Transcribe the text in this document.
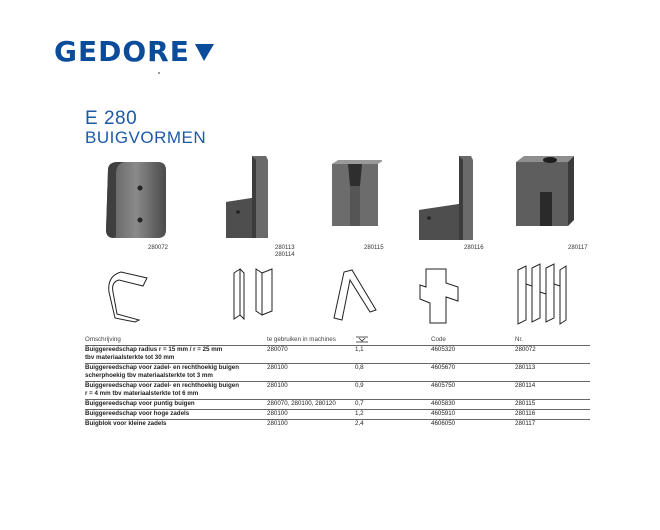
GEDORE
E 280
BUIGVORMEN
280072	280113
280114
280115	280116	280117
Omschrijving	te gebruiken in machines	Code	Nr.
Buiggereedschap radius r = 15 mm / r = 25 mm
tbv materiaalsterkte tot 30 mm
280070	1,1	4605320	280072
Buiggereedschap voor zadel- en rechthoekig buigen
scherphoekig tbv materiaalsterkte tot 3 mm
280100	0,8	4605670	280113
Buiggereedschap voor zadel- en rechthoekig buigen
r = 4 mm tbv materiaalsterkte tot 6 mm
280100	0,9	4605750	280114
Buiggereedschap voor puntig buigen	280070, 280100, 280120	0,7	4605830	280115
Buiggereedschap voor hoge zadels	280100	1,2	4605910	280116
Buigblok voor kleine zadels	280100	2,4	4606050	280117
